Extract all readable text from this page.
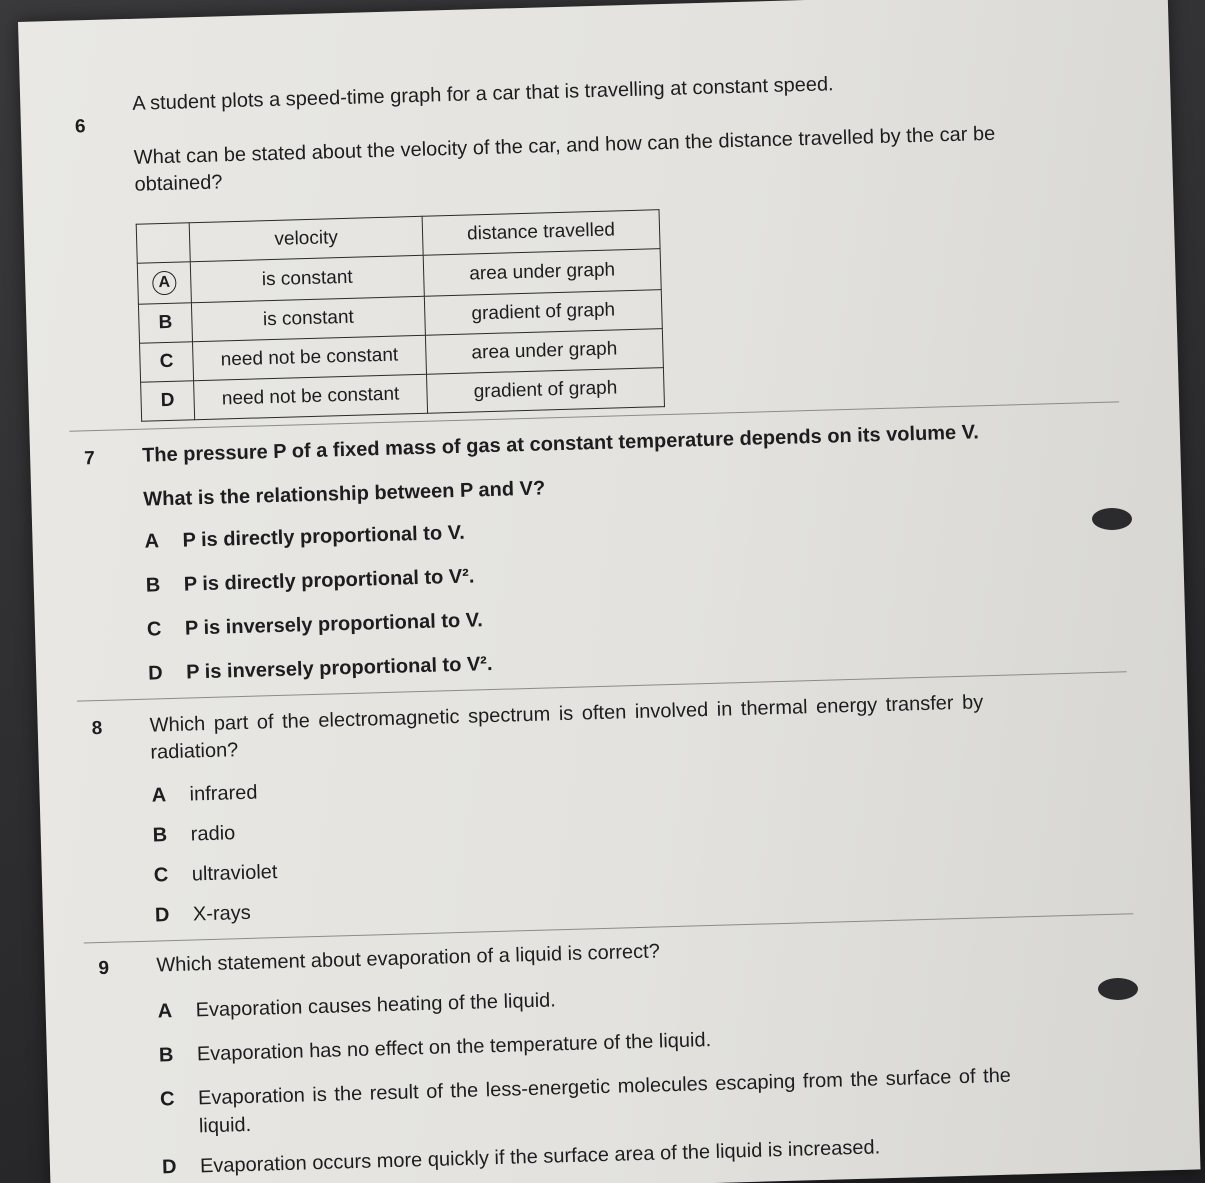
6
A student plots a speed-time graph for a car that is travelling at constant speed.
What can be stated about the velocity of the car, and how can the distance travelled by the car be
obtained?
	velocity	distance travelled
A	is constant	area under graph
B	is constant	gradient of graph
C	need not be constant	area under graph
D	need not be constant	gradient of graph
7 The pressure P of a fixed mass of gas at constant temperature depends on its volume V.
What is the relationship between P and V?
A P is directly proportional to V.
B P is directly proportional to V².
C P is inversely proportional to V.
D P is inversely proportional to V².
8 Which part of the electromagnetic spectrum is often involved in thermal energy transfer by
radiation?
A infrared
B radio
C ultraviolet
D X-rays
9 Which statement about evaporation of a liquid is correct?
A Evaporation causes heating of the liquid.
B Evaporation has no effect on the temperature of the liquid.
C Evaporation is the result of the less-energetic molecules escaping from the surface of the
liquid.
D Evaporation occurs more quickly if the surface area of the liquid is increased.
